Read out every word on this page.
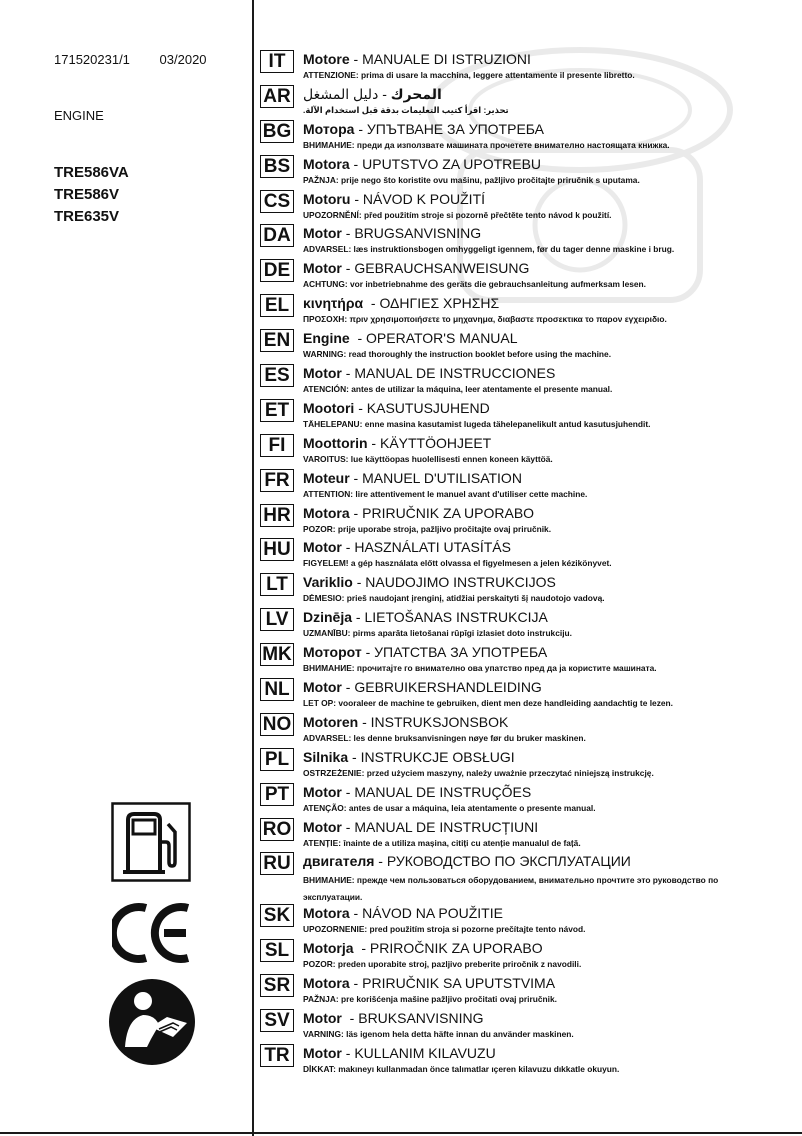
171520231/1 03/2020
ENGINE
TRE586VA
TRE586V
TRE635V
IT	Motore - MANUALE DI ISTRUZIONI
ATTENZIONE: prima di usare la macchina, leggere attentamente il presente libretto.
AR	المحرك - دليل المشغل
تحذير: اقرأ كتيب التعليمات بدقة قبل استخدام الآلة.
BG Мотора - УПЪТВАНЕ ЗА УПОТРЕБА
ВНИМАНИЕ: преди да използвате машината прочетете внимателно настоящата книжка.
BS Motora - UPUTSTVO ZA UPOTREBU
PAŽNJA: prije nego što koristite ovu mašinu, pažljivo pročitajte priručnik s uputama.
CS Motoru - NÁVOD K POUŽITÍ
UPOZORNĚNÍ: před použitím stroje si pozorně přečtěte tento návod k použití.
DA Motor - BRUGSANVISNING
ADVARSEL: læs instruktionsbogen omhyggeligt igennem, før du tager denne maskine i brug.
DE Motor - GEBRAUCHSANWEISUNG
ACHTUNG: vor inbetriebnahme des geräts die gebrauchsanleitung aufmerksam lesen.
EL κινητήρα  - ΟΔΗΓΙΕΣ ΧΡΗΣΗΣ
ΠΡΟΣΟΧΗ: πριν χρησιμοποιήσετε το μηχανημα, διαβαστε προσεκτικα το παρον εγχειριδιο.
EN Engine  - OPERATOR'S MANUAL
WARNING: read thoroughly the instruction booklet before using the machine.
ES Motor - MANUAL DE INSTRUCCIONES
ATENCIÓN: antes de utilizar la máquina, leer atentamente el presente manual.
ET Mootori - KASUTUSJUHEND
TÄHELEPANU: enne masina kasutamist lugeda tähelepanelikult antud kasutusjuhendit.
FI	Moottorin - KÄYTTÖOHJEET
VAROITUS: lue käyttöopas huolellisesti ennen koneen käyttöä.
FR Moteur - MANUEL D'UTILISATION
ATTENTION: lire attentivement le manuel avant d'utiliser cette machine.
HR Motora - PRIRUČNIK ZA UPORABO
POZOR: prije uporabe stroja, pažljivo pročitajte ovaj priručnik.
HU Motor - HASZNÁLATI UTASÍTÁS
FIGYELEM! a gép használata előtt olvassa el figyelmesen a jelen kézikönyvet.
LT	Variklio - NAUDOJIMO INSTRUKCIJOS
DĖMESIO: prieš naudojant įrenginį, atidžiai perskaityti šį naudotojo vadovą.
LV	Dzinēja - LIETOŠANAS INSTRUKCIJA
UZMANĪBU: pirms aparāta lietošanai rūpīgi izlasiet doto instrukciju.
MK Моторот - УПАТСТВА ЗА УПОТРЕБА
ВНИМАНИЕ: прочитајте го внимателно ова упатство пред да ја користите машината.
NL Motor - GEBRUIKERSHANDLEIDING
LET OP: vooraleer de machine te gebruiken, dient men deze handleiding aandachtig te lezen.
NO Motoren - INSTRUKSJONSBOK
ADVARSEL: les denne bruksanvisningen nøye før du bruker maskinen.
PL Silnika - INSTRUKCJE OBSŁUGI
OSTRZEŻENIE: przed użyciem maszyny, należy uważnie przeczytać niniejszą instrukcję.
PT Motor - MANUAL DE INSTRUÇÕES
ATENÇÃO: antes de usar a máquina, leia atentamente o presente manual.
RO Motor - MANUAL DE INSTRUCȚIUNI
ATENȚIE: înainte de a utiliza mașina, citiți cu atenție manualul de față.
RU двигателя - РУКОВОДСТВО ПО ЭКСПЛУАТАЦИИ
ВНИМАНИЕ: прежде чем пользоваться оборудованием, внимательно прочтите это руководство по эксплуатации.
SK Motora - NÁVOD NA POUŽITIE
UPOZORNENIE: pred použitím stroja si pozorne prečítajte tento návod.
SL Motorja  - PRIROČNIK ZA UPORABO
POZOR: preden uporabite stroj, pazljivo preberite priročnik z navodili.
SR Motora - PRIRUČNIK SA UPUTSTVIMA
PAŽNJA: pre korišćenja mašine pažljivo pročitati ovaj priručnik.
SV Motor  - BRUKSANVISNING
VARNING: läs igenom hela detta häfte innan du använder maskinen.
TR Motor - KULLANIM KILAVUZU
DİKKAT: makıneyı kullanmadan önce talımatlar ıçeren kilavuzu dıkkatle okuyun.
